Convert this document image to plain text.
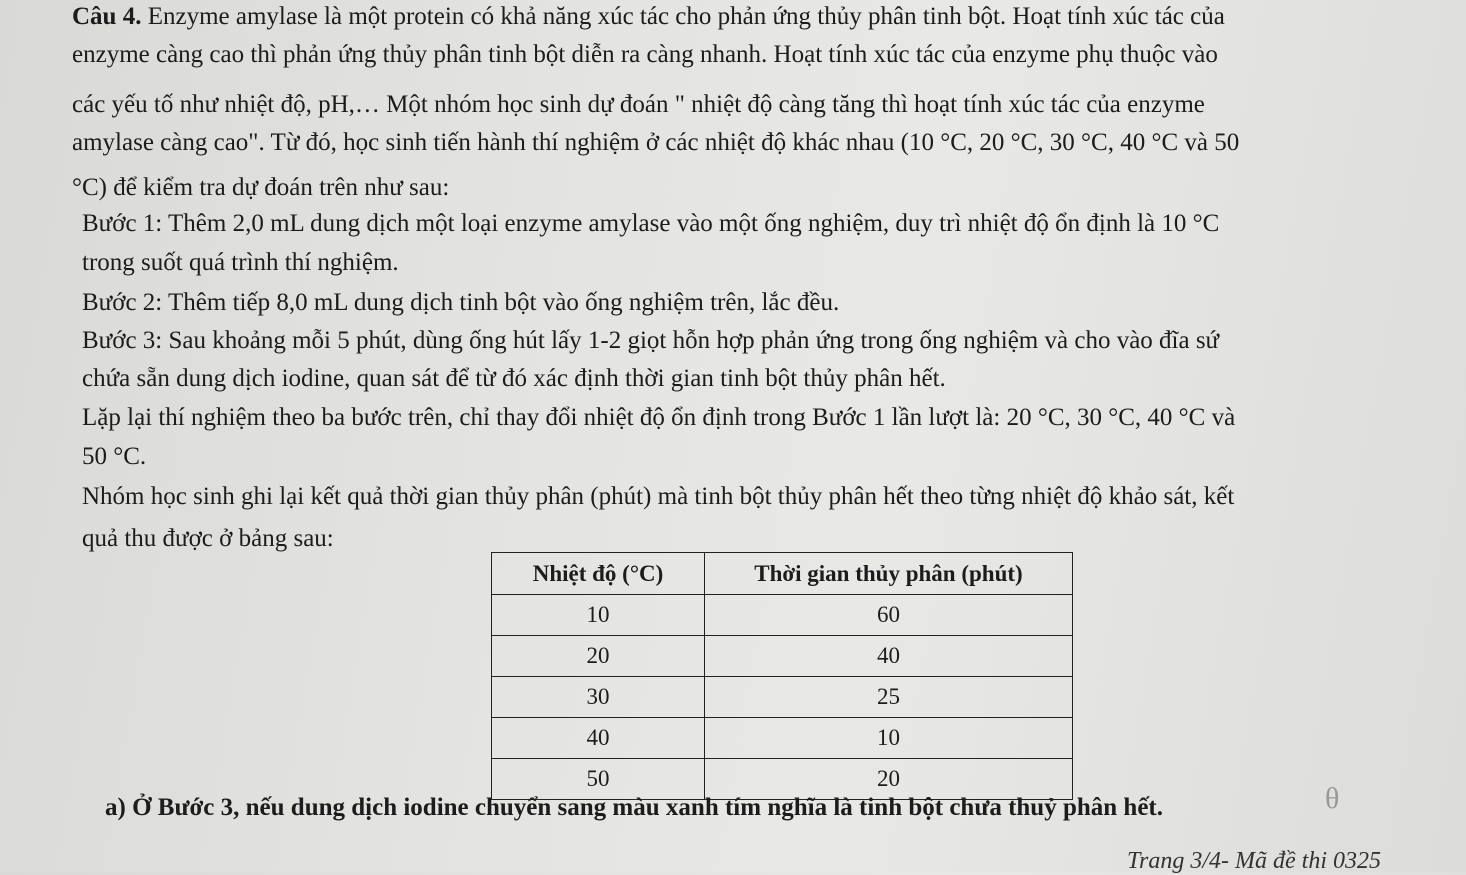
Câu 4. Enzyme amylase là một protein có khả năng xúc tác cho phản ứng thủy phân tinh bột. Hoạt tính xúc tác của
enzyme càng cao thì phản ứng thủy phân tinh bột diễn ra càng nhanh. Hoạt tính xúc tác của enzyme phụ thuộc vào
các yếu tố như nhiệt độ, pH,… Một nhóm học sinh dự đoán " nhiệt độ càng tăng thì hoạt tính xúc tác của enzyme
amylase càng cao". Từ đó, học sinh tiến hành thí nghiệm ở các nhiệt độ khác nhau (10 °C, 20 °C, 30 °C, 40 °C và 50
°C) để kiểm tra dự đoán trên như sau:
Bước 1: Thêm 2,0 mL dung dịch một loại enzyme amylase vào một ống nghiệm, duy trì nhiệt độ ổn định là 10 °C
trong suốt quá trình thí nghiệm.
Bước 2: Thêm tiếp 8,0 mL dung dịch tinh bột vào ống nghiệm trên, lắc đều.
Bước 3: Sau khoảng mỗi 5 phút, dùng ống hút lấy 1-2 giọt hỗn hợp phản ứng trong ống nghiệm và cho vào đĩa sứ
chứa sẵn dung dịch iodine, quan sát để từ đó xác định thời gian tinh bột thủy phân hết.
Lặp lại thí nghiệm theo ba bước trên, chỉ thay đổi nhiệt độ ổn định trong Bước 1 lần lượt là: 20 °C, 30 °C, 40 °C và
50 °C.
Nhóm học sinh ghi lại kết quả thời gian thủy phân (phút) mà tinh bột thủy phân hết theo từng nhiệt độ khảo sát, kết
quả thu được ở bảng sau:
Nhiệt độ (°C)	Thời gian thủy phân (phút)
10	60
20	40
30	25
40	10
50	20
a) Ở Bước 3, nếu dung dịch iodine chuyển sang màu xanh tím nghĩa là tinh bột chưa thuỷ phân hết.	θ
Trang 3/4- Mã đề thi 0325
